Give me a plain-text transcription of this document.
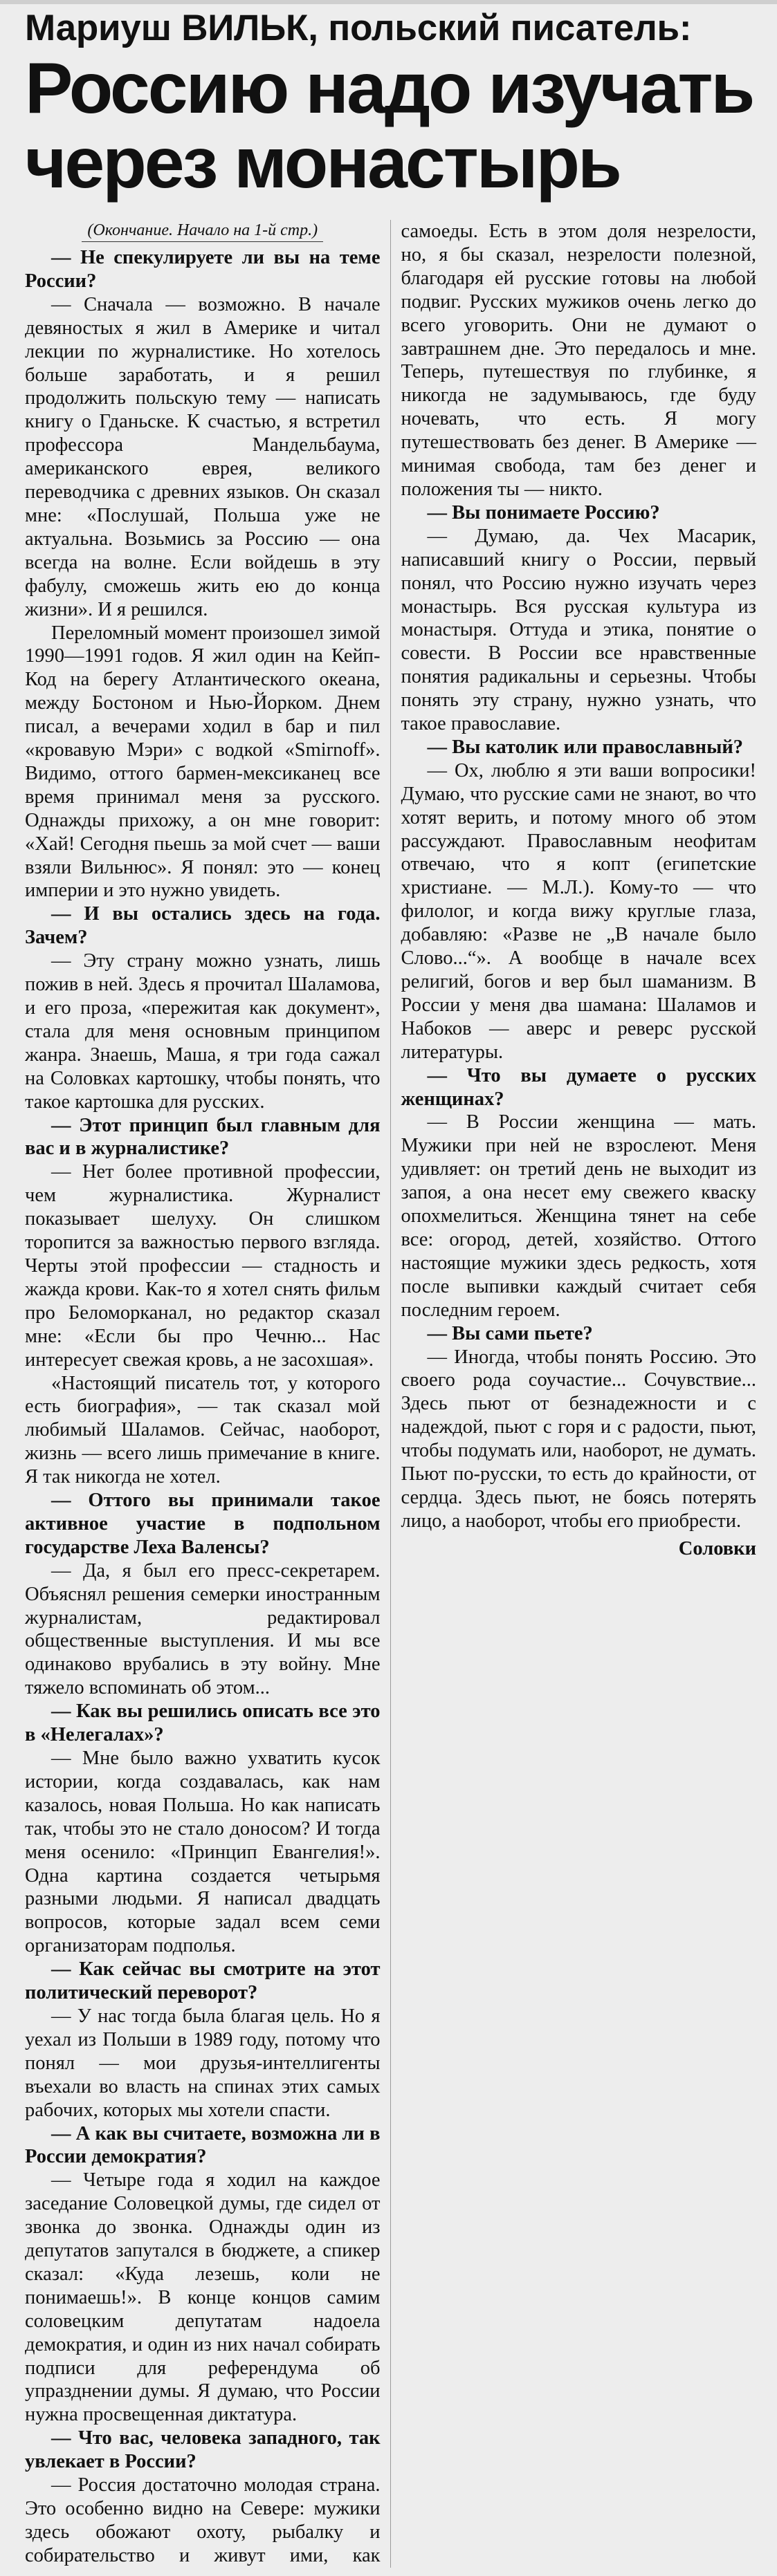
Мариуш ВИЛЬК, польский писатель:
Россию надо изучать
через монастырь
(Окончание. Начало на 1-й стр.)

— Не спекулируете ли вы на теме России?

— Сначала — возможно. В начале девяностых я жил в Америке и читал лекции по журналистике. Но хотелось больше заработать, и я решил продолжить польскую тему — написать книгу о Гданьске. К счастью, я встретил профессора Мандельбаума, американского еврея, великого переводчика с древних языков. Он сказал мне: «Послушай, Польша уже не актуальна. Возьмись за Россию — она всегда на волне. Если войдешь в эту фабулу, сможешь жить ею до конца жизни». И я решился.

Переломный момент произошел зимой 1990—1991 годов. Я жил один на Кейп-Код на берегу Атлантического океана, между Бостоном и Нью-Йорком. Днем писал, а вечерами ходил в бар и пил «кровавую Мэри» с водкой «Smirnoff». Видимо, оттого бармен-мексиканец все время принимал меня за русского. Однажды прихожу, а он мне говорит: «Хай! Сегодня пьешь за мой счет — ваши взяли Вильнюс». Я понял: это — конец империи и это нужно увидеть.

— И вы остались здесь на года. Зачем?

— Эту страну можно узнать, лишь пожив в ней. Здесь я прочитал Шаламова, и его проза, «пережитая как документ», стала для меня основным принципом жанра. Знаешь, Маша, я три года сажал на Соловках картошку, чтобы понять, что такое картошка для русских.

— Этот принцип был главным для вас и в журналистике?

— Нет более противной профессии, чем журналистика. Журналист показывает шелуху. Он слишком торопится за важностью первого взгляда. Черты этой профессии — стадность и жажда крови. Как-то я хотел снять фильм про Беломорканал, но редактор сказал мне: «Если бы про Чечню... Нас интересует свежая кровь, а не засохшая».

«Настоящий писатель тот, у которого есть биография», — так сказал мой любимый Шаламов. Сейчас, наоборот, жизнь — всего лишь примечание в книге. Я так никогда не хотел.

— Оттого вы принимали такое активное участие в подпольном государстве Леха Валенсы?

— Да, я был его пресс-секретарем. Объяснял решения семерки иностранным журналистам, редактировал общественные выступления. И мы все одинаково врубались в эту войну. Мне тяжело вспоминать об этом...

— Как вы решились описать все это в «Нелегалах»?

— Мне было важно ухватить кусок истории, когда создавалась, как нам казалось, новая Польша. Но как написать так, чтобы это не стало доносом? И тогда меня осенило: «Принцип Евангелия!». Одна картина создается четырьмя разными людьми. Я написал двадцать вопросов, которые задал всем семи организаторам подполья.

— Как сейчас вы смотрите на этот политический переворот?

— У нас тогда была благая цель. Но я уехал из Польши в 1989 году, потому что понял — мои друзья-интеллигенты въехали во власть на спинах этих самых рабочих, которых мы хотели спасти.

— А как вы считаете, возможна ли в России демократия?

— Четыре года я ходил на каждое заседание Соловецкой думы, где сидел от звонка до звонка. Однажды один из депутатов запутался в бюджете, а спикер сказал: «Куда лезешь, коли не понимаешь!». В конце концов самим соловецким депутатам надоела демократия, и один из них начал собирать подписи для референдума об упразднении думы. Я думаю, что России нужна просвещенная диктатура.

— Что вас, человека западного, так увлекает в России?

— Россия достаточно молодая страна. Это особенно видно на Севере: мужики здесь обожают охоту, рыбалку и собирательство и живут ими, как самоеды. Есть в этом доля незрелости, но, я бы сказал, незрелости полезной, благодаря ей русские готовы на любой подвиг. Русских мужиков очень легко до всего уговорить. Они не думают о завтрашнем дне. Это передалось и мне. Теперь, путешествуя по глубинке, я никогда не задумываюсь, где буду ночевать, что есть. Я могу путешествовать без денег. В Америке — минимая свобода, там без денег и положения ты — никто.

— Вы понимаете Россию?

— Думаю, да. Чех Масарик, написавший книгу о России, первый понял, что Россию нужно изучать через монастырь. Вся русская культура из монастыря. Оттуда и этика, понятие о совести. В России все нравственные понятия радикальны и серьезны. Чтобы понять эту страну, нужно узнать, что такое православие.

— Вы католик или православный?

— Ох, люблю я эти ваши вопросики! Думаю, что русские сами не знают, во что хотят верить, и потому много об этом рассуждают. Православным неофитам отвечаю, что я копт (египетские христиане. — М.Л.). Кому-то — что филолог, и когда вижу круглые глаза, добавляю: «Разве не „В начале было Слово...“». А вообще в начале всех религий, богов и вер был шаманизм. В России у меня два шамана: Шаламов и Набоков — аверс и реверс русской литературы.

— Что вы думаете о русских женщинах?

— В России женщина — мать. Мужики при ней не взрослеют. Меня удивляет: он третий день не выходит из запоя, а она несет ему свежего кваску опохмелиться. Женщина тянет на себе все: огород, детей, хозяйство. Оттого настоящие мужики здесь редкость, хотя после выпивки каждый считает себя последним героем.

— Вы сами пьете?

— Иногда, чтобы понять Россию. Это своего рода соучастие... Сочувствие... Здесь пьют от безнадежности и с надеждой, пьют с горя и с радости, пьют, чтобы подумать или, наоборот, не думать. Пьют по-русски, то есть до крайности, от сердца. Здесь пьют, не боясь потерять лицо, а наоборот, чтобы его приобрести.

Соловки
